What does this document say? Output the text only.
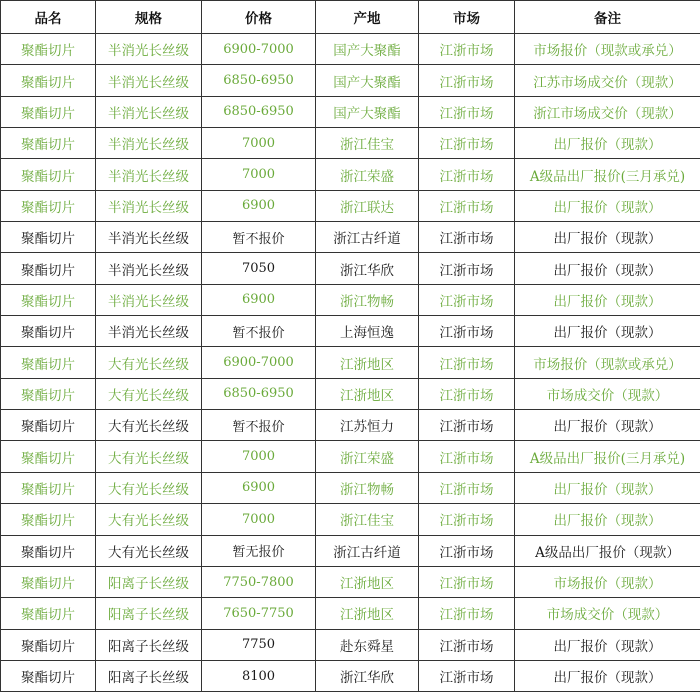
品名	规格	价格	产地	市场	备注
聚酯切片	半消光长丝级	6900-7000	国产大聚酯	江浙市场	市场报价（现款或承兑）
聚酯切片	半消光长丝级	6850-6950	国产大聚酯	江浙市场	江苏市场成交价（现款）
聚酯切片	半消光长丝级	6850-6950	国产大聚酯	江浙市场	浙江市场成交价（现款）
聚酯切片	半消光长丝级	7000	浙江佳宝	江浙市场	出厂报价（现款）
聚酯切片	半消光长丝级	7000	浙江荣盛	江浙市场	A级品出厂报价(三月承兑)
聚酯切片	半消光长丝级	6900	浙江联达	江浙市场	出厂报价（现款）
聚酯切片	半消光长丝级	暂不报价	浙江古纤道	江浙市场	出厂报价（现款）
聚酯切片	半消光长丝级	7050	浙江华欣	江浙市场	出厂报价（现款）
聚酯切片	半消光长丝级	6900	浙江物畅	江浙市场	出厂报价（现款）
聚酯切片	半消光长丝级	暂不报价	上海恒逸	江浙市场	出厂报价（现款）
聚酯切片	大有光长丝级	6900-7000	江浙地区	江浙市场	市场报价（现款或承兑）
聚酯切片	大有光长丝级	6850-6950	江浙地区	江浙市场	市场成交价（现款）
聚酯切片	大有光长丝级	暂不报价	江苏恒力	江浙市场	出厂报价（现款）
聚酯切片	大有光长丝级	7000	浙江荣盛	江浙市场	A级品出厂报价(三月承兑)
聚酯切片	大有光长丝级	6900	浙江物畅	江浙市场	出厂报价（现款）
聚酯切片	大有光长丝级	7000	浙江佳宝	江浙市场	出厂报价（现款）
聚酯切片	大有光长丝级	暂无报价	浙江古纤道	江浙市场	A级品出厂报价（现款）
聚酯切片	阳离子长丝级	7750-7800	江浙地区	江浙市场	市场报价（现款）
聚酯切片	阳离子长丝级	7650-7750	江浙地区	江浙市场	市场成交价（现款）
聚酯切片	阳离子长丝级	7750	赴东舜星	江浙市场	出厂报价（现款）
聚酯切片	阳离子长丝级	8100	浙江华欣	江浙市场	出厂报价（现款）
